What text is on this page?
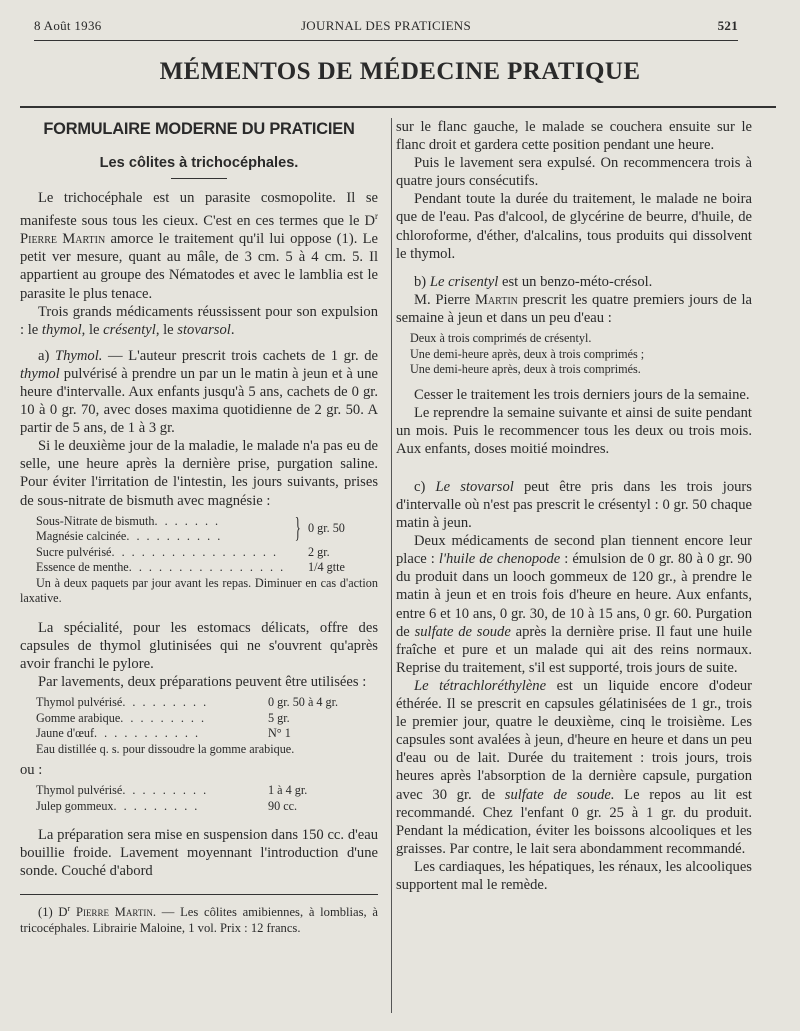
8 Août 1936	JOURNAL DES PRATICIENS	521
MÉMENTOS DE MÉDECINE PRATIQUE
FORMULAIRE MODERNE DU PRATICIEN
Les côlites à trichocéphales.

Le trichocéphale est un parasite cosmopolite. Il se manifeste sous tous les cieux. C'est en ces termes que le $D^r$ Pierre Martin amorce le traitement qu'il lui oppose (1). Le petit ver mesure, quant au mâle, de 3 cm. 5 à 4 cm. 5. Il appartient au groupe des Nématodes et avec le lamblia est le parasite le plus tenace.

Trois grands médicaments réussissent pour son expulsion : le thymol, le crésentyl, le stovarsol.

a) Thymol. — L'auteur prescrit trois cachets de 1 gr. de thymol pulvérisé à prendre un par un le matin à jeun et à une heure d'intervalle. Aux enfants jusqu'à 5 ans, cachets de 0 gr. 10 à 0 gr. 70, avec doses maxima quotidienne de 2 gr. 50. A partir de 5 ans, de 1 à 3 gr.

Si le deuxième jour de la maladie, le malade n'a pas eu de selle, une heure après la dernière prise, purgation saline. Pour éviter l'irritation de l'intestin, les jours suivants, prises de sous-nitrate de bismuth avec magnésie :

Sous-Nitrate de bismuth . . . . . . .
Magnésie calcinée . . . . . . . . . .	} 0 gr. 50
Sucre pulvérisé . . . . . . . . . . . . . . . . .	2 gr.
Essence de menthe . . . . . . . . . . . . . . . .	1/4 gtte

Un à deux paquets par jour avant les repas. Diminuer en cas d'action laxative.

La spécialité, pour les estomacs délicats, offre des capsules de thymol glutinisées qui ne s'ouvrent qu'après avoir franchi le pylore.

Par lavements, deux préparations peuvent être utilisées :

Thymol pulvérisé . . . . . . . . .	0 gr. 50 à 4 gr.
Gomme arabique . . . . . . . . .	5 gr.
Jaune d'œuf . . . . . . . . . . .	N° 1
Eau distillée q. s. pour dissoudre la gomme arabique.

ou :

Thymol pulvérisé . . . . . . . . .	1 à 4 gr.
Julep gommeux . . . . . . . . .	90 cc.

La préparation sera mise en suspension dans 150 cc. d'eau bouillie froide. Lavement moyennant l'introduction d'une sonde. Couché d'abord

(1) $D^r$ Pierre Martin. — Les côlites amibiennes, à lomblias, à tricocéphales. Librairie Maloine, 1 vol. Prix : 12 francs.

sur le flanc gauche, le malade se couchera ensuite sur le flanc droit et gardera cette position pendant une heure.

Puis le lavement sera expulsé. On recommencera trois à quatre jours consécutifs.

Pendant toute la durée du traitement, le malade ne boira que de l'eau. Pas d'alcool, de glycérine de beurre, d'huile, de chloroforme, d'éther, d'alcalins, tous produits qui dissolvent le thymol.

b) Le crisentyl est un benzo-méto-crésol.

M. Pierre Martin prescrit les quatre premiers jours de la semaine à jeun et dans un peu d'eau :

Deux à trois comprimés de crésentyl.
Une demi-heure après, deux à trois comprimés ;
Une demi-heure après, deux à trois comprimés.

Cesser le traitement les trois derniers jours de la semaine.

Le reprendre la semaine suivante et ainsi de suite pendant un mois. Puis le recommencer tous les deux ou trois mois. Aux enfants, doses moitié moindres.

c) Le stovarsol peut être pris dans les trois jours d'intervalle où n'est pas prescrit le crésentyl : 0 gr. 50 chaque matin à jeun.

Deux médicaments de second plan tiennent encore leur place : l'huile de chenopode : émulsion de 0 gr. 80 à 0 gr. 90 du produit dans un looch gommeux de 120 gr., à prendre le matin à jeun et en trois fois d'heure en heure. Aux enfants, entre 6 et 10 ans, 0 gr. 30, de 10 à 15 ans, 0 gr. 60. Purgation de sulfate de soude après la dernière prise. Il faut une huile fraîche et pure et un malade qui ait des reins normaux. Reprise du traitement, s'il est supporté, trois jours de suite.

Le tétrachloréthylène est un liquide encore d'odeur éthérée. Il se prescrit en capsules gélatinisées de 1 gr., trois le premier jour, quatre le deuxième, cinq le troisième. Les capsules sont avalées à jeun, d'heure en heure et dans un peu d'eau ou de lait. Durée du traitement : trois jours, trois heures après l'absorption de la dernière capsule, purgation avec 30 gr. de sulfate de soude. Le repos au lit est recommandé. Chez l'enfant 0 gr. 25 à 1 gr. du produit. Pendant la médication, éviter les boissons alcooliques et les graisses. Par contre, le lait sera abondamment recommandé.

Les cardiaques, les hépatiques, les rénaux, les alcooliques supportent mal le remède.
